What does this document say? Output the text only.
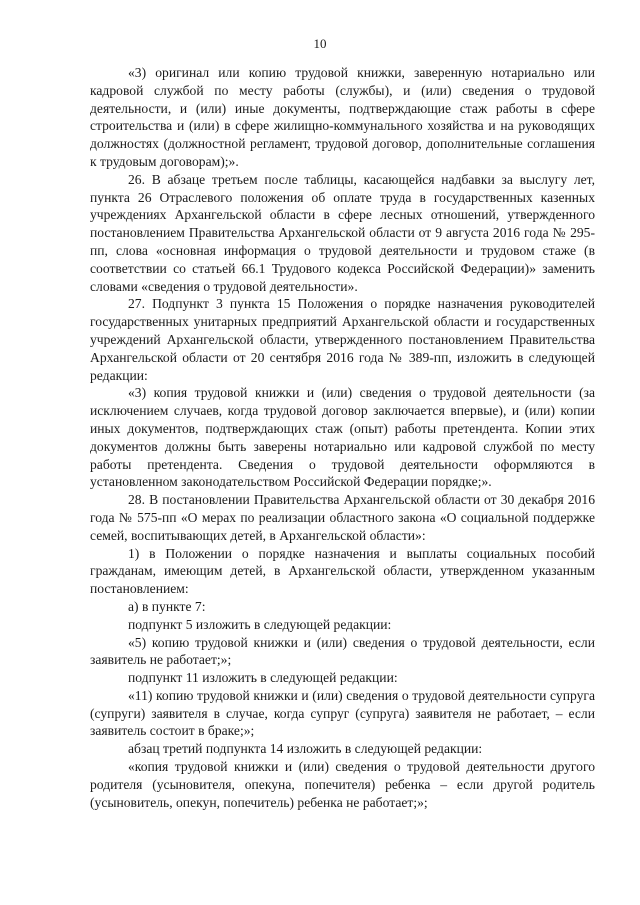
10

«3) оригинал или копию трудовой книжки, заверенную нотариально или кадровой службой по месту работы (службы), и (или) сведения о трудовой деятельности, и (или) иные документы, подтверждающие стаж работы в сфере строительства и (или) в сфере жилищно-коммунального хозяйства и на руководящих должностях (должностной регламент, трудовой договор, дополнительные соглашения к трудовым договорам);».

26. В абзаце третьем после таблицы, касающейся надбавки за выслугу лет, пункта 26 Отраслевого положения об оплате труда в государственных казенных учреждениях Архангельской области в сфере лесных отношений, утвержденного постановлением Правительства Архангельской области от 9 августа 2016 года № 295-пп, слова «основная информация о трудовой деятельности и трудовом стаже (в соответствии со статьей 66.1 Трудового кодекса Российской Федерации)» заменить словами «сведения о трудовой деятельности».

27. Подпункт 3 пункта 15 Положения о порядке назначения руководителей государственных унитарных предприятий Архангельской области и государственных учреждений Архангельской области, утвержденного постановлением Правительства Архангельской области от 20 сентября 2016 года № 389-пп, изложить в следующей редакции:

«3) копия трудовой книжки и (или) сведения о трудовой деятельности (за исключением случаев, когда трудовой договор заключается впервые), и (или) копии иных документов, подтверждающих стаж (опыт) работы претендента. Копии этих документов должны быть заверены нотариально или кадровой службой по месту работы претендента. Сведения о трудовой деятельности оформляются в установленном законодательством Российской Федерации порядке;».

28. В постановлении Правительства Архангельской области от 30 декабря 2016 года № 575-пп «О мерах по реализации областного закона «О социальной поддержке семей, воспитывающих детей, в Архангельской области»:

1) в Положении о порядке назначения и выплаты социальных пособий гражданам, имеющим детей, в Архангельской области, утвержденном указанным постановлением:

а) в пункте 7:

подпункт 5 изложить в следующей редакции:

«5) копию трудовой книжки и (или) сведения о трудовой деятельности, если заявитель не работает;»;

подпункт 11 изложить в следующей редакции:

«11) копию трудовой книжки и (или) сведения о трудовой деятельности супруга (супруги) заявителя в случае, когда супруг (супруга) заявителя не работает, – если заявитель состоит в браке;»;

абзац третий подпункта 14 изложить в следующей редакции:

«копия трудовой книжки и (или) сведения о трудовой деятельности другого родителя (усыновителя, опекуна, попечителя) ребенка – если другой родитель (усыновитель, опекун, попечитель) ребенка не работает;»;
